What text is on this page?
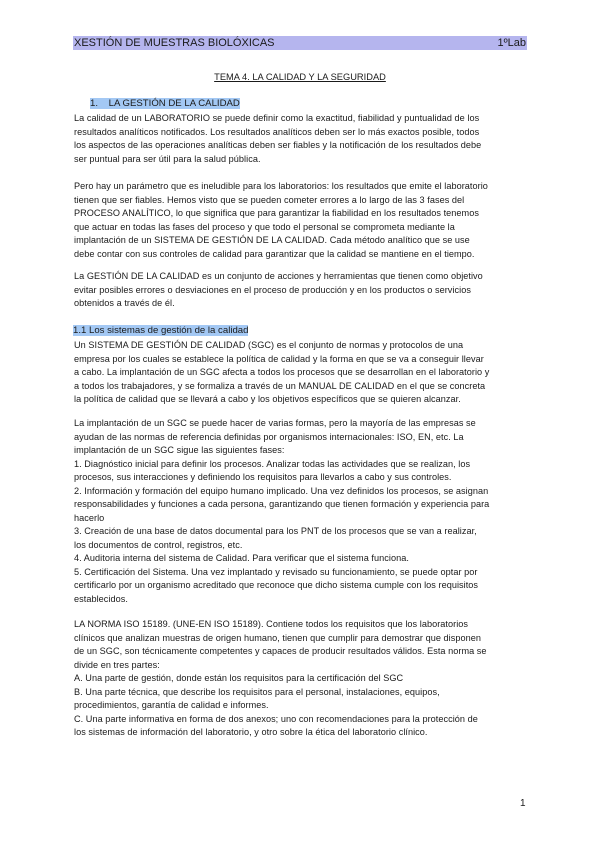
XESTIÓN DE MUESTRAS BIOLÓXICAS	1ºLab
TEMA 4. LA CALIDAD Y LA SEGURIDAD
1.    LA GESTIÓN DE LA CALIDAD

La calidad de un LABORATORIO se puede definir como la exactitud, fiabilidad y puntualidad de los
resultados analíticos notificados. Los resultados analíticos deben ser lo más exactos posible, todos
los aspectos de las operaciones analíticas deben ser fiables y la notificación de los resultados debe
ser puntual para ser útil para la salud pública.

Pero hay un parámetro que es ineludible para los laboratorios: los resultados que emite el laboratorio
tienen que ser fiables. Hemos visto que se pueden cometer errores a lo largo de las 3 fases del
PROCESO ANALÍTICO, lo que significa que para garantizar la fiabilidad en los resultados tenemos
que actuar en todas las fases del proceso y que todo el personal se comprometa mediante la
implantación de un SISTEMA DE GESTIÓN DE LA CALIDAD. Cada método analítico que se use
debe contar con sus controles de calidad para garantizar que la calidad se mantiene en el tiempo.

La GESTIÓN DE LA CALIDAD es un conjunto de acciones y herramientas que tienen como objetivo
evitar posibles errores o desviaciones en el proceso de producción y en los productos o servicios
obtenidos a través de él.

1.1 Los sistemas de gestión de la calidad

Un SISTEMA DE GESTIÓN DE CALIDAD (SGC) es el conjunto de normas y protocolos de una
empresa por los cuales se establece la política de calidad y la forma en que se va a conseguir llevar
a cabo. La implantación de un SGC afecta a todos los procesos que se desarrollan en el laboratorio y
a todos los trabajadores, y se formaliza a través de un MANUAL DE CALIDAD en el que se concreta
la política de calidad que se llevará a cabo y los objetivos específicos que se quieren alcanzar.

La implantación de un SGC se puede hacer de varias formas, pero la mayoría de las empresas se
ayudan de las normas de referencia definidas por organismos internacionales: ISO, EN, etc. La
implantación de un SGC sigue las siguientes fases:
1. Diagnóstico inicial para definir los procesos. Analizar todas las actividades que se realizan, los
procesos, sus interacciones y definiendo los requisitos para llevarlos a cabo y sus controles.
2. Información y formación del equipo humano implicado. Una vez definidos los procesos, se asignan
responsabilidades y funciones a cada persona, garantizando que tienen formación y experiencia para
hacerlo
3. Creación de una base de datos documental para los PNT de los procesos que se van a realizar,
los documentos de control, registros, etc.
4. Auditoria interna del sistema de Calidad. Para verificar que el sistema funciona.
5. Certificación del Sistema. Una vez implantado y revisado su funcionamiento, se puede optar por
certificarlo por un organismo acreditado que reconoce que dicho sistema cumple con los requisitos
establecidos.

LA NORMA ISO 15189. (UNE-EN ISO 15189). Contiene todos los requisitos que los laboratorios
clínicos que analizan muestras de origen humano, tienen que cumplir para demostrar que disponen
de un SGC, son técnicamente competentes y capaces de producir resultados válidos. Esta norma se
divide en tres partes:
A. Una parte de gestión, donde están los requisitos para la certificación del SGC
B. Una parte técnica, que describe los requisitos para el personal, instalaciones, equipos,
procedimientos, garantía de calidad e informes.
C. Una parte informativa en forma de dos anexos; uno con recomendaciones para la protección de
los sistemas de información del laboratorio, y otro sobre la ética del laboratorio clínico.

1
